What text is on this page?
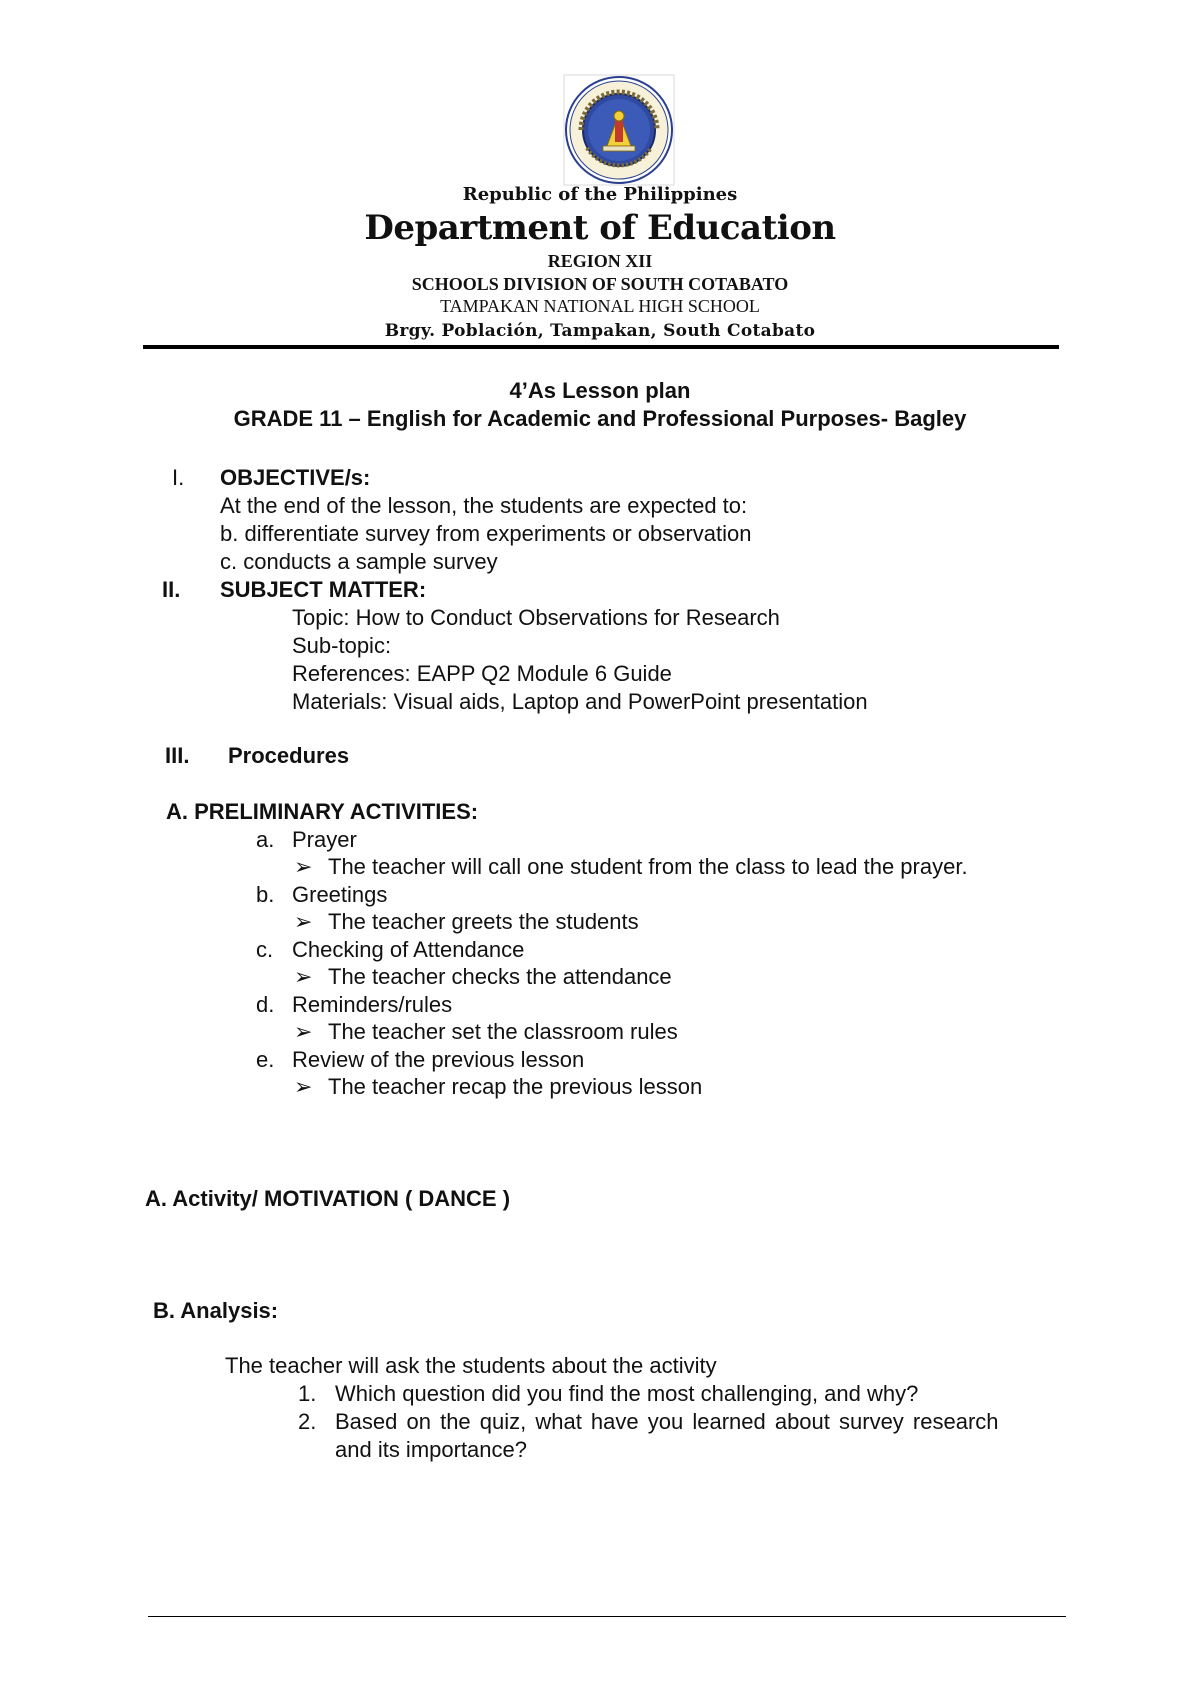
Republic of the Philippines
Department of Education
REGION XII
SCHOOLS DIVISION OF SOUTH COTABATO
TAMPAKAN NATIONAL HIGH SCHOOL
Brgy. Población, Tampakan, South Cotabato
4’As Lesson plan
GRADE 11 – English for Academic and Professional Purposes- Bagley
I. OBJECTIVE/s:
At the end of the lesson, the students are expected to:
b. differentiate survey from experiments or observation
c. conducts a sample survey
II. SUBJECT MATTER:
Topic: How to Conduct Observations for Research
Sub-topic:
References: EAPP Q2 Module 6 Guide
Materials: Visual aids, Laptop and PowerPoint presentation
III. Procedures
A. PRELIMINARY ACTIVITIES:
a. Prayer
➢ The teacher will call one student from the class to lead the prayer.
b. Greetings
➢ The teacher greets the students
c. Checking of Attendance
➢ The teacher checks the attendance
d. Reminders/rules
➢ The teacher set the classroom rules
e. Review of the previous lesson
➢ The teacher recap the previous lesson
A. Activity/ MOTIVATION ( DANCE )
B. Analysis:
The teacher will ask the students about the activity
1. Which question did you find the most challenging, and why?
2. Based on the quiz, what have you learned about survey research
and its importance?
